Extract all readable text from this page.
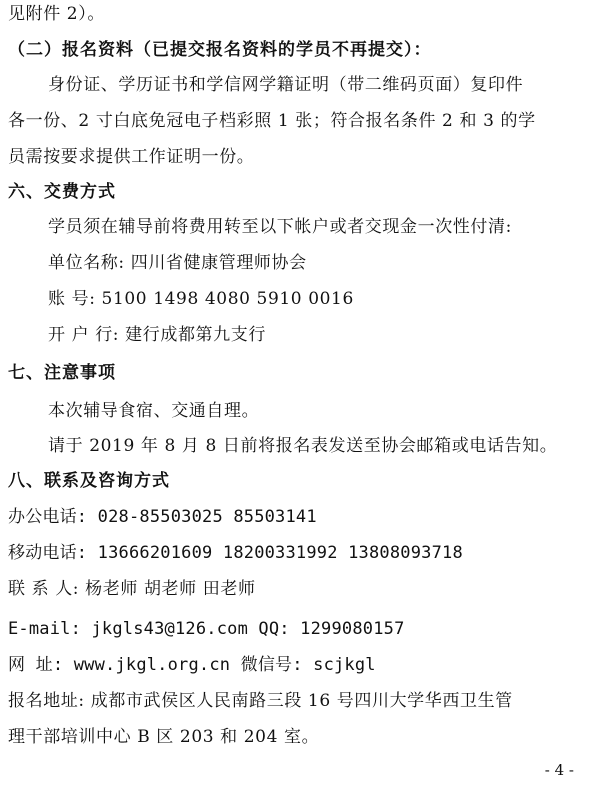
见附件 2）。
（二）报名资料（已提交报名资料的学员不再提交）：
身份证、学历证书和学信网学籍证明（带二维码页面）复印件
各一份、2 寸白底免冠电子档彩照 1 张；符合报名条件 2 和 3 的学
员需按要求提供工作证明一份。
六、交费方式
学员须在辅导前将费用转至以下帐户或者交现金一次性付清:
单位名称: 四川省健康管理师协会
账 号: 5100 1498 4080 5910 0016
开 户 行: 建行成都第九支行
七、注意事项
本次辅导食宿、交通自理。
请于 2019 年 8 月 8 日前将报名表发送至协会邮箱或电话告知。
八、联系及咨询方式
办公电话: 028-85503025 85503141
移动电话: 13666201609 18200331992 13808093718
联 系 人: 杨老师 胡老师 田老师
E-mail: jkgls43@126.com QQ: 1299080157
网 址: www.jkgl.org.cn 微信号: scjkgl
报名地址: 成都市武侯区人民南路三段 16 号四川大学华西卫生管
理干部培训中心 B 区 203 和 204 室。
- 4 -
